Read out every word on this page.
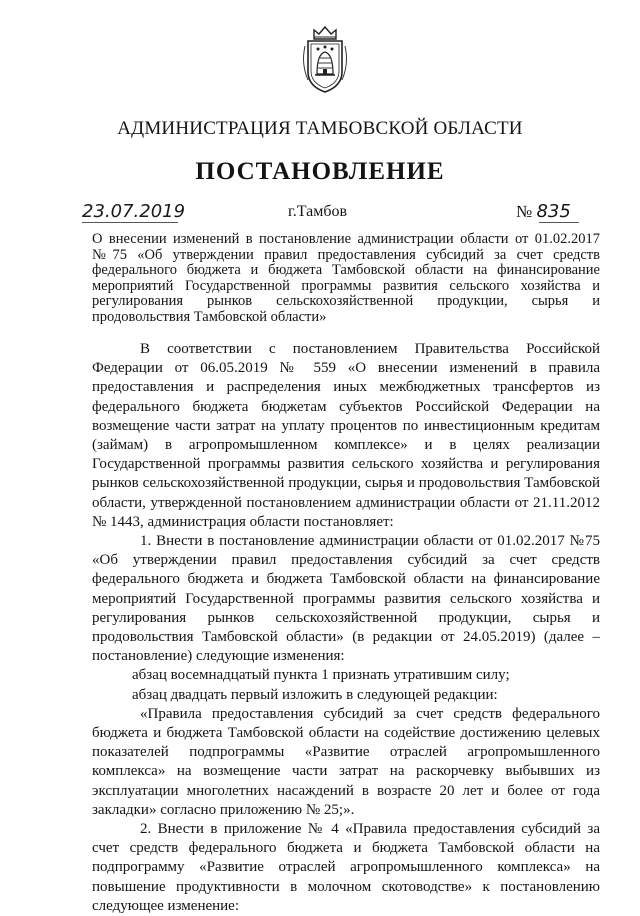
АДМИНИСТРАЦИЯ ТАМБОВСКОЙ ОБЛАСТИ
ПОСТАНОВЛЕНИЕ
23.07.2019	г.Тамбов	№ 835
О внесении изменений в постановление администрации области от 01.02.2017 №75 «Об утверждении правил предоставления субсидий за счет средств федерального бюджета и бюджета Тамбовской области на финансирование мероприятий Государственной программы развития сельского хозяйства и регулирования рынков сельскохозяйственной продукции, сырья и продовольствия Тамбовской области»

В соответствии с постановлением Правительства Российской Федерации от 06.05.2019 № 559 «О внесении изменений в правила предоставления и распределения иных межбюджетных трансфертов из федерального бюджета бюджетам субъектов Российской Федерации на возмещение части затрат на уплату процентов по инвестиционным кредитам (займам) в агропромышленном комплексе» и в целях реализации Государственной программы развития сельского хозяйства и регулирования рынков сельскохозяйственной продукции, сырья и продовольствия Тамбовской области, утвержденной постановлением администрации области от 21.11.2012 № 1443, администрация области постановляет:

1. Внести в постановление администрации области от 01.02.2017 №75 «Об утверждении правил предоставления субсидий за счет средств федерального бюджета и бюджета Тамбовской области на финансирование мероприятий Государственной программы развития сельского хозяйства и регулирования рынков сельскохозяйственной продукции, сырья и продовольствия Тамбовской области» (в редакции от 24.05.2019) (далее – постановление) следующие изменения:

абзац восемнадцатый пункта 1 признать утратившим силу;

абзац двадцать первый изложить в следующей редакции:

«Правила предоставления субсидий за счет средств федерального бюджета и бюджета Тамбовской области на содействие достижению целевых показателей подпрограммы «Развитие отраслей агропромышленного комплекса» на возмещение части затрат на раскорчевку выбывших из эксплуатации многолетних насаждений в возрасте 20 лет и более от года закладки» согласно приложению № 25;».

2. Внести в приложение № 4 «Правила предоставления субсидий за счет средств федерального бюджета и бюджета Тамбовской области на подпрограмму «Развитие отраслей агропромышленного комплекса» на повышение продуктивности в молочном скотоводстве» к постановлению следующее изменение:
